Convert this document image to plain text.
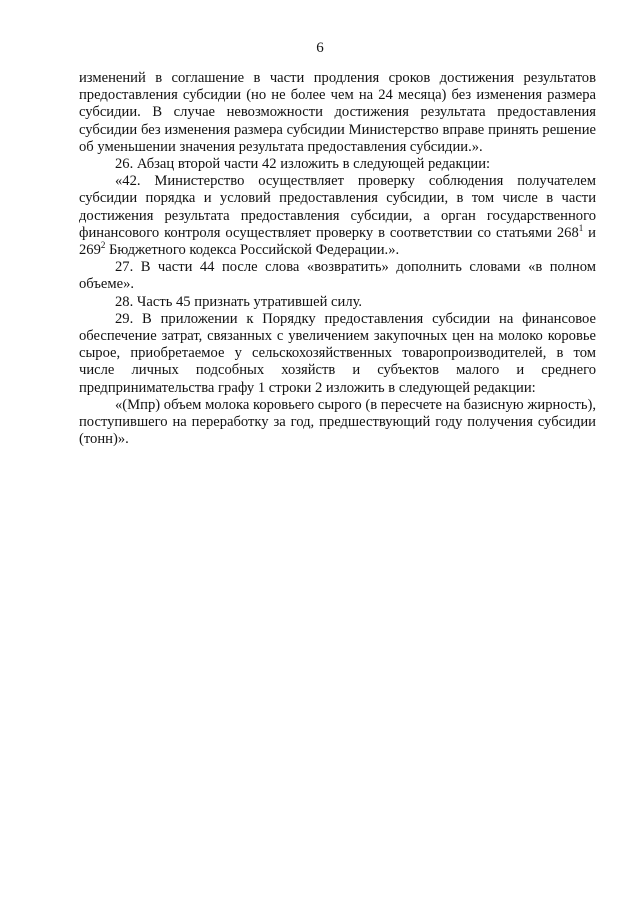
6

изменений в соглашение в части продления сроков достижения результатов предоставления субсидии (но не более чем на 24 месяца) без изменения размера субсидии. В случае невозможности достижения результата предоставления субсидии без изменения размера субсидии Министерство вправе принять решение об уменьшении значения результата предоставления субсидии.».

26. Абзац второй части 42 изложить в следующей редакции:

«42. Министерство осуществляет проверку соблюдения получателем субсидии порядка и условий предоставления субсидии, в том числе в части достижения результата предоставления субсидии, а орган государственного финансового контроля осуществляет проверку в соответствии со статьями $268^1$ и $269^2$ Бюджетного кодекса Российской Федерации.».

27. В части 44 после слова «возвратить» дополнить словами «в полном объеме».

28. Часть 45 признать утратившей силу.

29. В приложении к Порядку предоставления субсидии на финансовое обеспечение затрат, связанных с увеличением закупочных цен на молоко коровье сырое, приобретаемое у сельскохозяйственных товаропроизводителей, в том числе личных подсобных хозяйств и субъектов малого и среднего предпринимательства графу 1 строки 2 изложить в следующей редакции:

«(Мпр) объем молока коровьего сырого (в пересчете на базисную жирность), поступившего на переработку за год, предшествующий году получения субсидии (тонн)».
